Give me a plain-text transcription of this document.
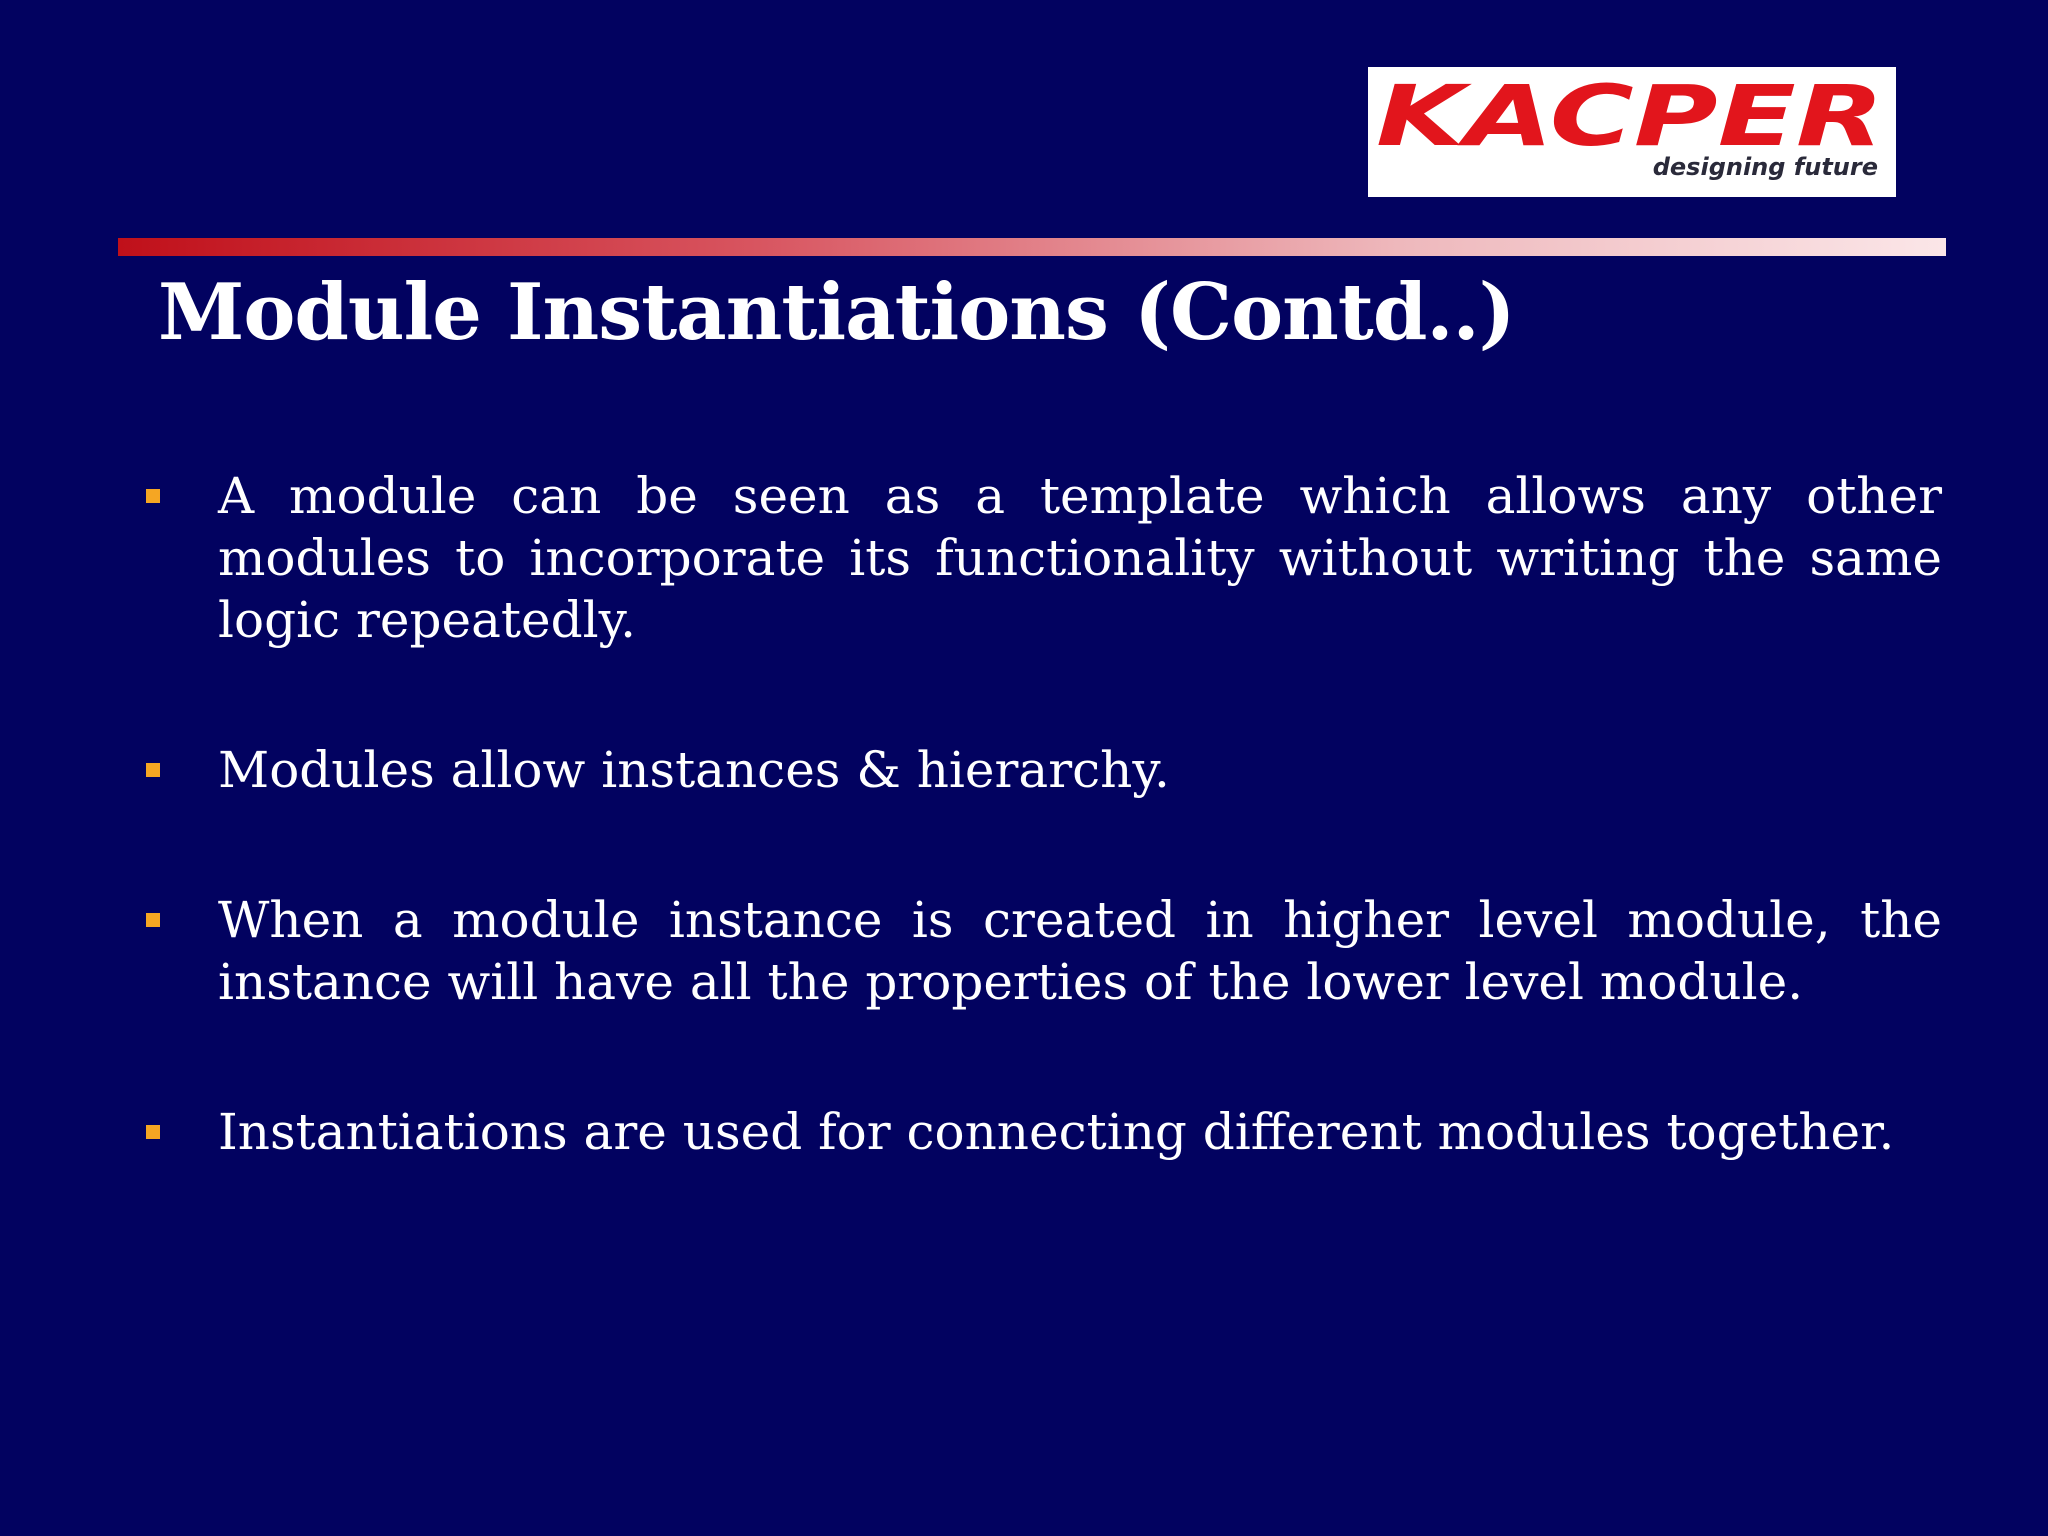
KACPER
designing future
Module Instantiations (Contd..)
A module can be seen as a template which allows any other modules to incorporate its functionality without writing the same logic repeatedly.
Modules allow instances & hierarchy.
When a module instance is created in higher level module, the instance will have all the properties of the lower level module.
Instantiations are used for connecting different modules together.
